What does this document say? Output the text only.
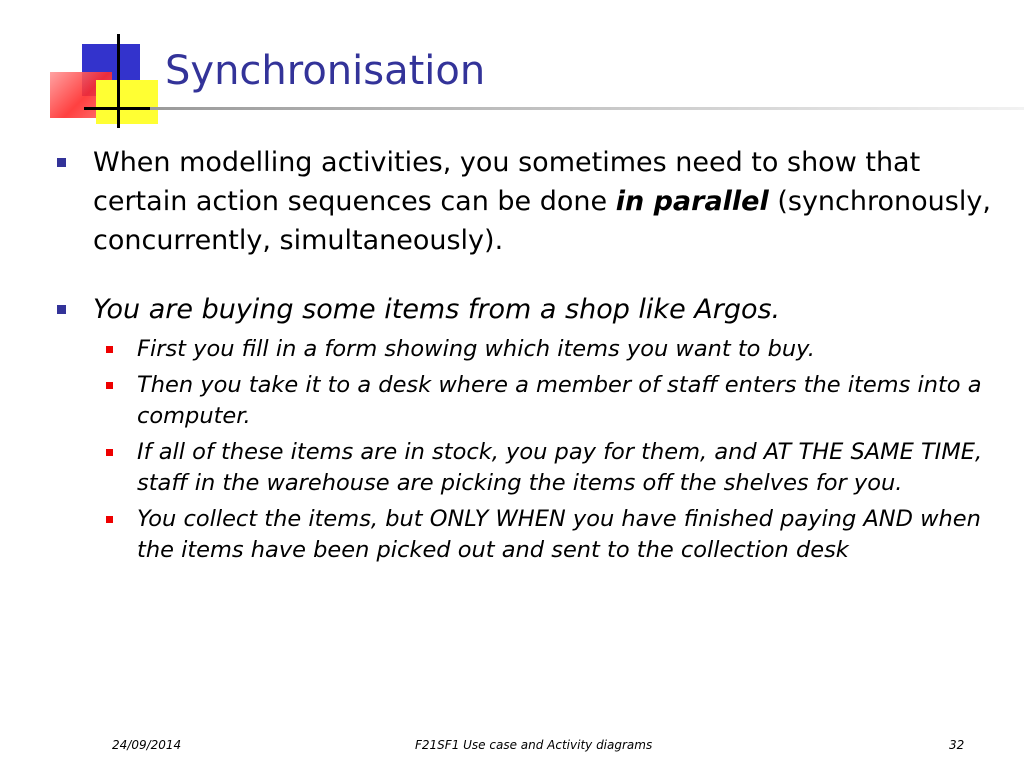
Synchronisation
When modelling activities, you sometimes need to show that certain action sequences can be done in parallel (synchronously, concurrently, simultaneously).
You are buying some items from a shop like Argos.
First you fill in a form showing which items you want to buy.
Then you take it to a desk where a member of staff enters the items into a computer.
If all of these items are in stock, you pay for them, and AT THE SAME TIME, staff in the warehouse are picking the items off the shelves for you.
You collect the items, but ONLY WHEN you have finished paying AND when the items have been picked out and sent to the collection desk
24/09/2014	F21SF1 Use case and Activity diagrams	32
